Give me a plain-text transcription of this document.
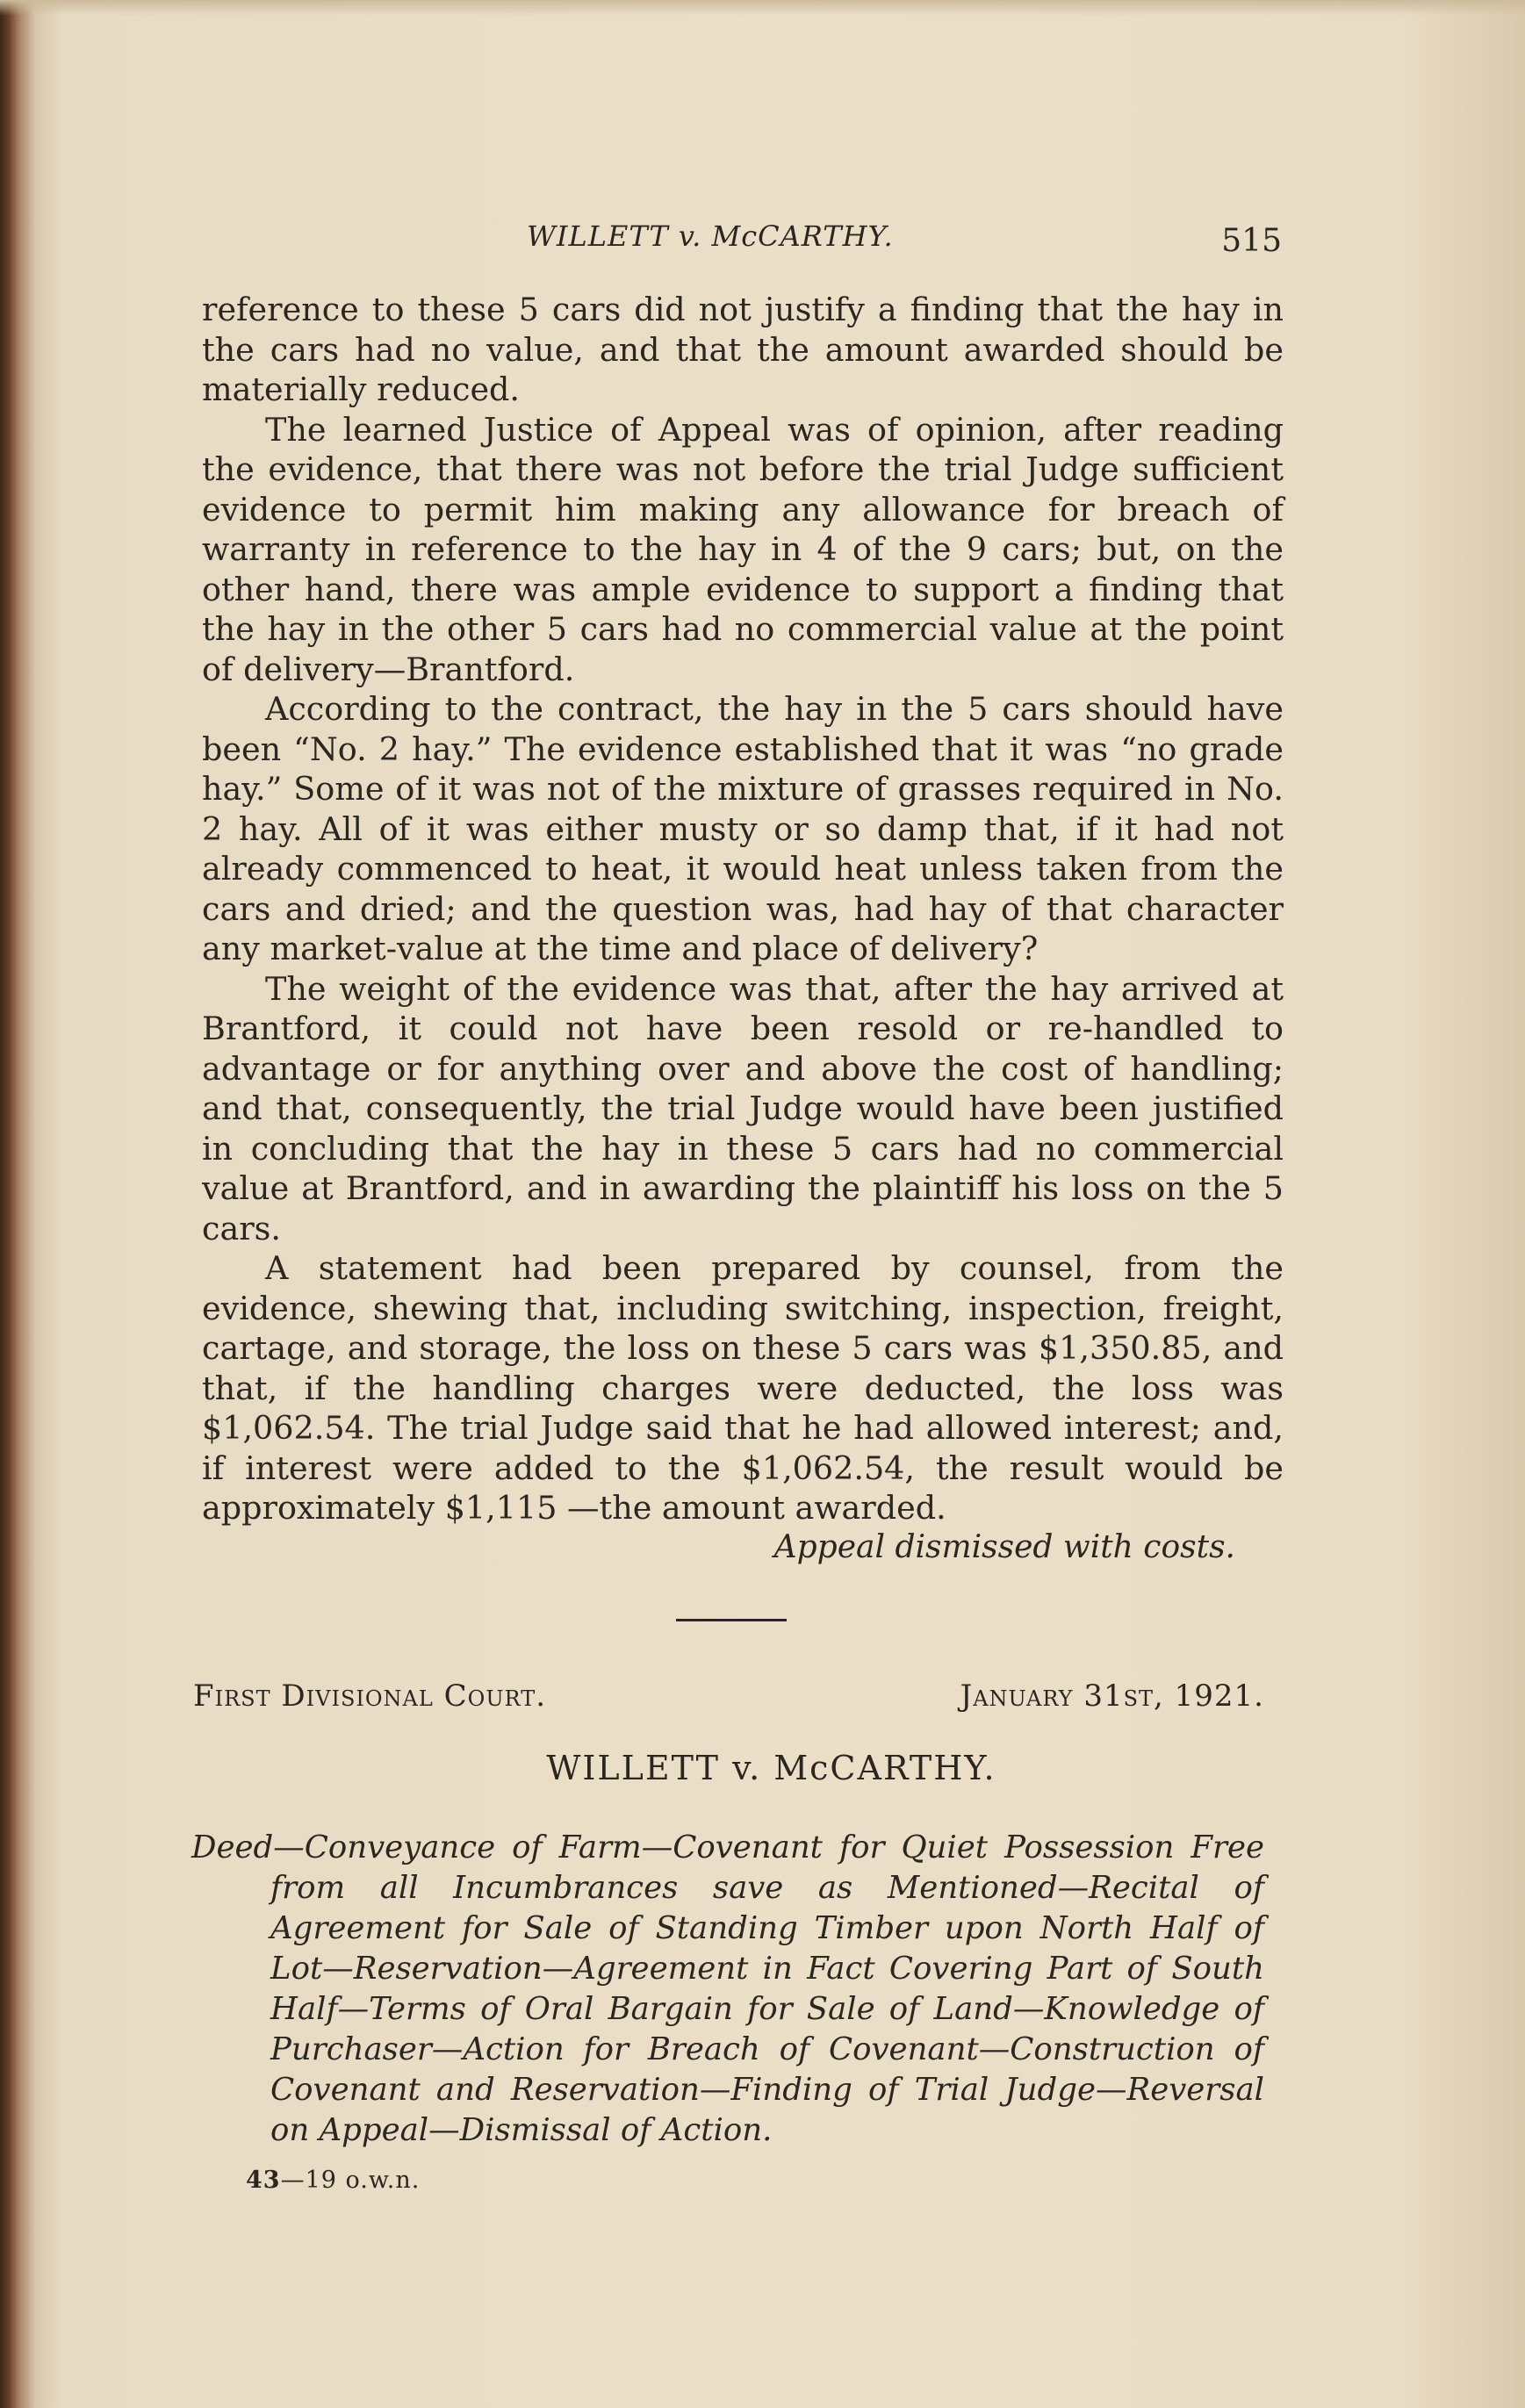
WILLETT v. McCARTHY.	515

reference to these 5 cars did not justify a finding that the hay in the cars had no value, and that the amount awarded should be materially reduced.

The learned Justice of Appeal was of opinion, after reading the evidence, that there was not before the trial Judge sufficient evidence to permit him making any allowance for breach of warranty in reference to the hay in 4 of the 9 cars; but, on the other hand, there was ample evidence to support a finding that the hay in the other 5 cars had no commercial value at the point of delivery—Brantford.

According to the contract, the hay in the 5 cars should have been “No. 2 hay.” The evidence established that it was “no grade hay.” Some of it was not of the mixture of grasses required in No. 2 hay. All of it was either musty or so damp that, if it had not already commenced to heat, it would heat unless taken from the cars and dried; and the question was, had hay of that character any market-value at the time and place of delivery?

The weight of the evidence was that, after the hay arrived at Brantford, it could not have been resold or re-handled to advantage or for anything over and above the cost of handling; and that, consequently, the trial Judge would have been justified in concluding that the hay in these 5 cars had no commercial value at Brantford, and in awarding the plaintiff his loss on the 5 cars.

A statement had been prepared by counsel, from the evidence, shewing that, including switching, inspection, freight, cartage, and storage, the loss on these 5 cars was $1,350.85, and that, if the handling charges were deducted, the loss was $1,062.54. The trial Judge said that he had allowed interest; and, if interest were added to the $1,062.54, the result would be approximately $1,115 —the amount awarded.

Appeal dismissed with costs.
First Divisional Court.	January 31st, 1921.
WILLETT v. McCARTHY.
Deed—Conveyance of Farm—Covenant for Quiet Possession Free from all Incumbrances save as Mentioned—Recital of Agreement for Sale of Standing Timber upon North Half of Lot—Reservation—Agreement in Fact Covering Part of South Half—Terms of Oral Bargain for Sale of Land—Knowledge of Purchaser—Action for Breach of Covenant—Construction of Covenant and Reservation—Finding of Trial Judge—Reversal on Appeal—Dismissal of Action.
43—19 o.w.n.
